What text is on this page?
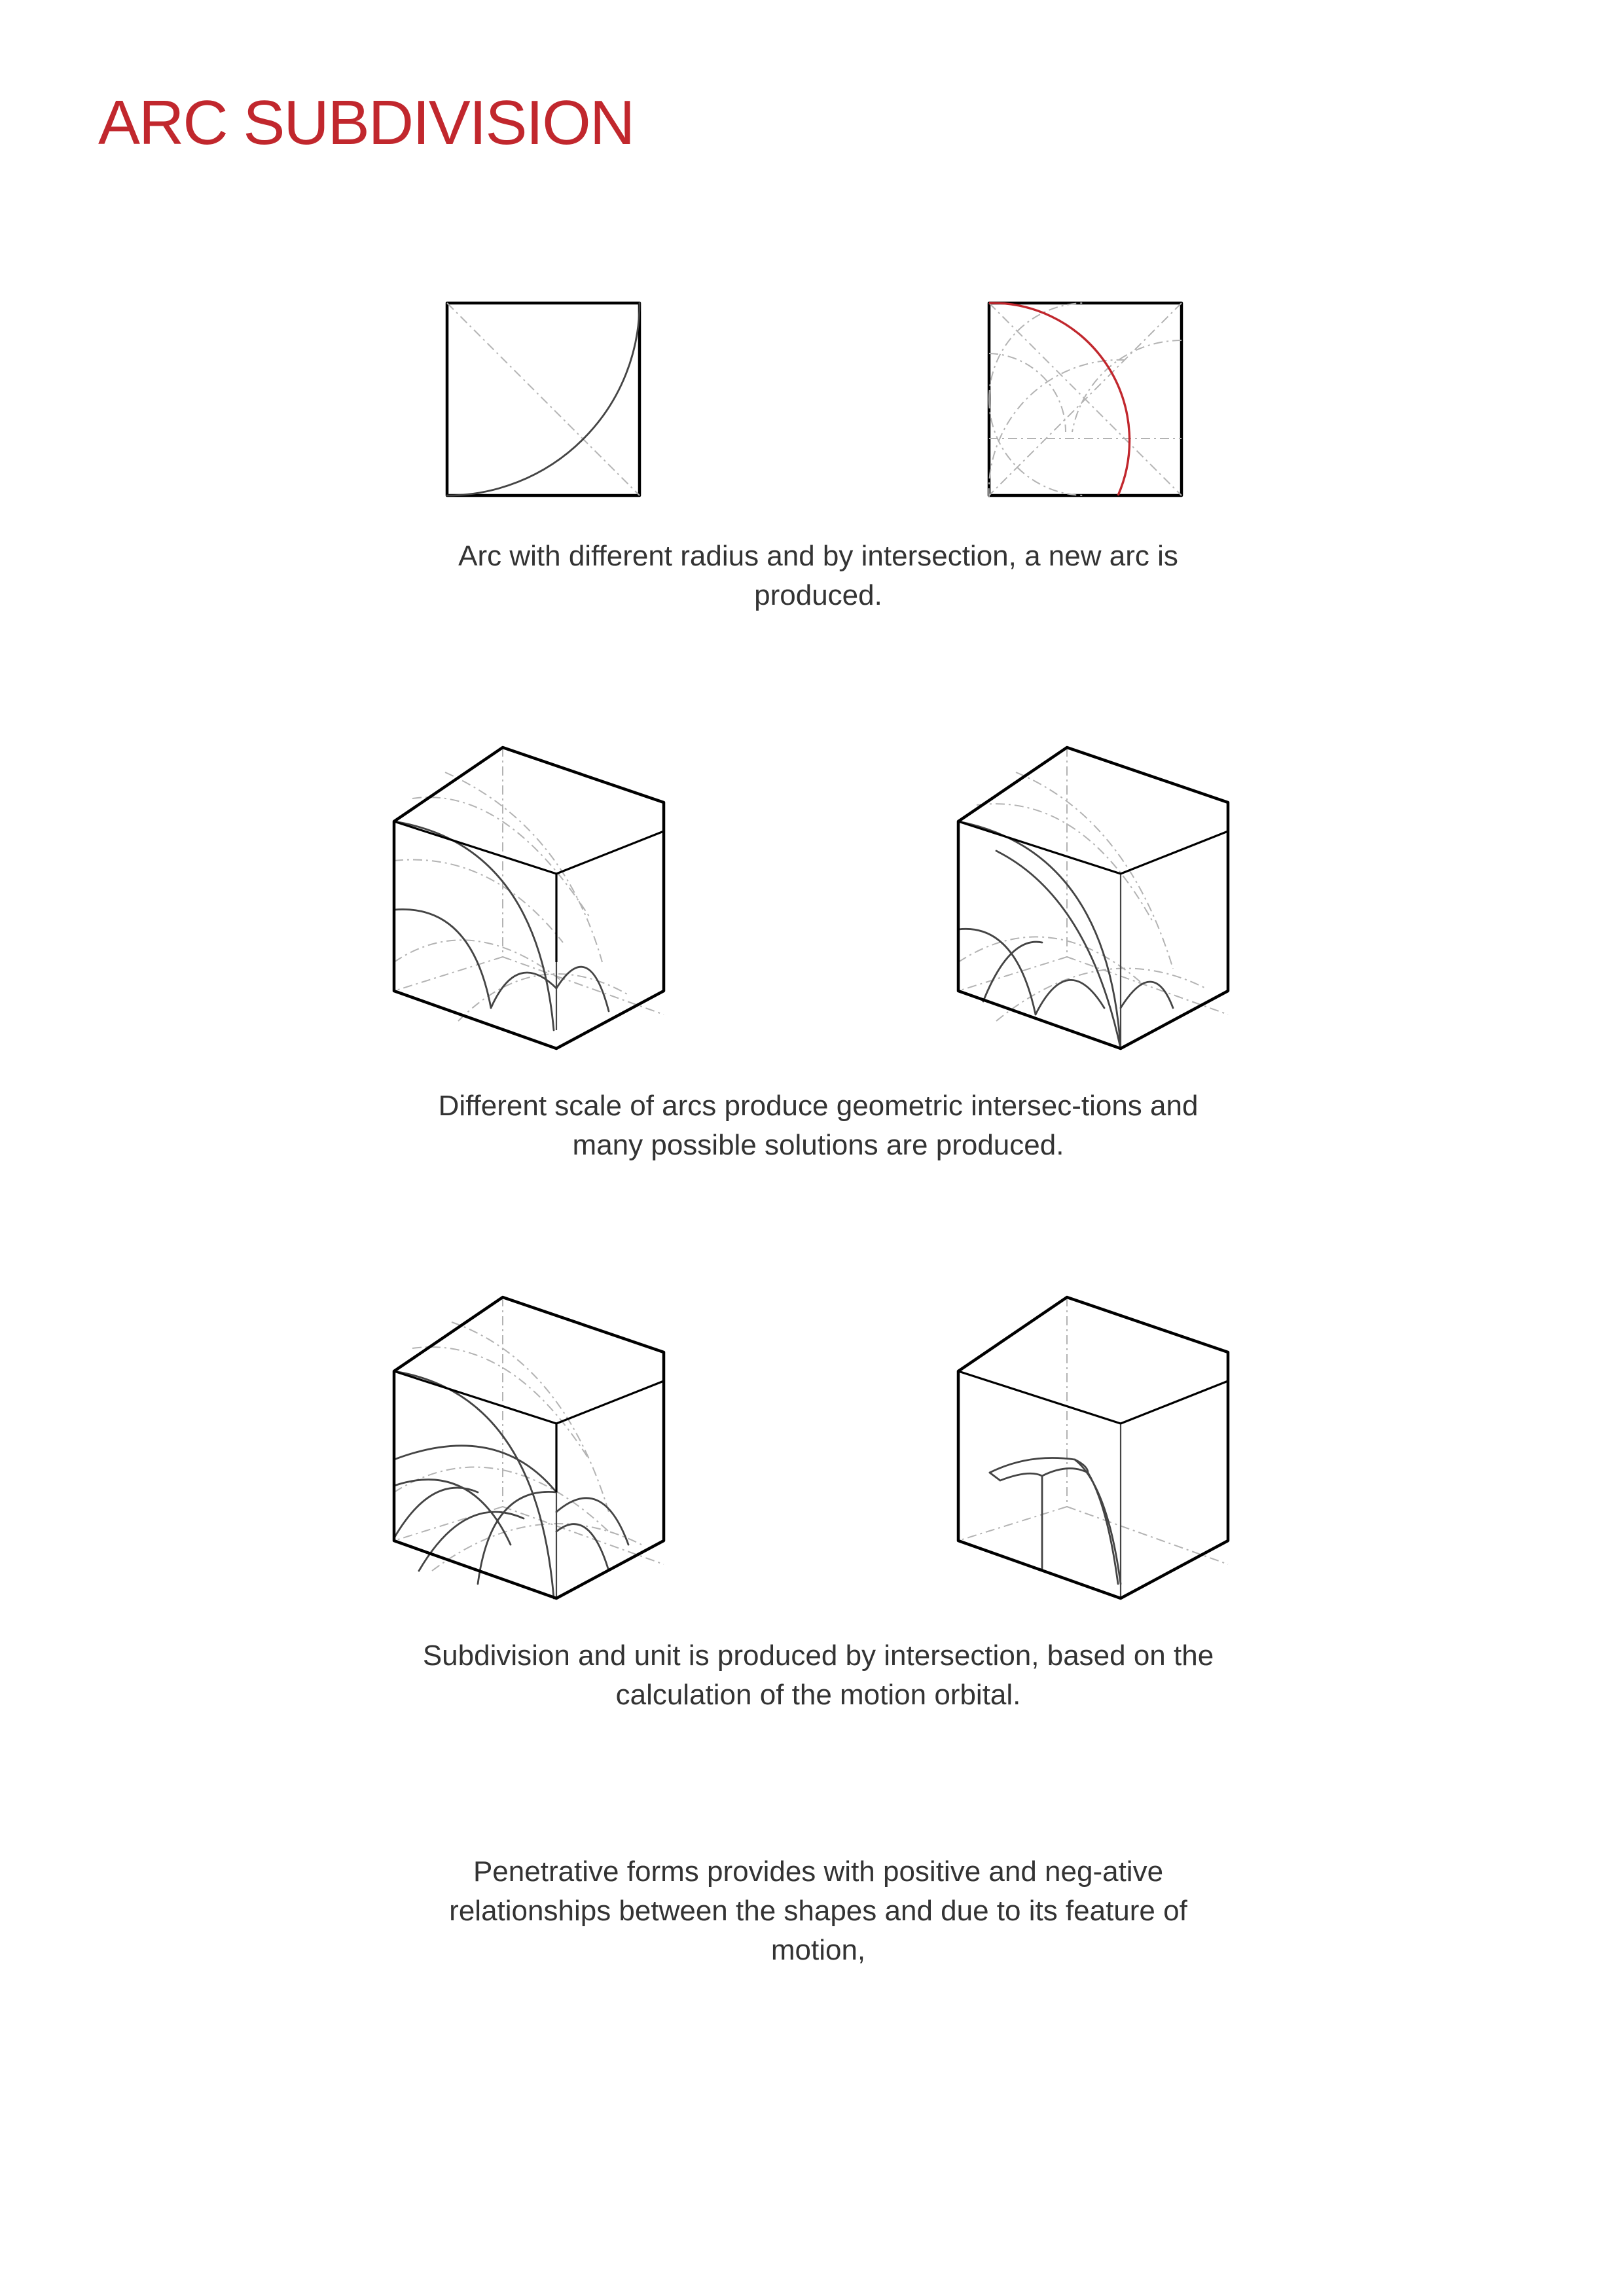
ARC SUBDIVISION
Arc with different radius and by intersection, a new arc is produced.
Different scale of arcs produce geometric intersec-tions and many possible solutions are produced.
Subdivision and unit is produced by intersection, based on the calculation of the motion orbital.
Penetrative forms provides with positive and neg-ative relationships between the shapes and due to its feature of motion,
